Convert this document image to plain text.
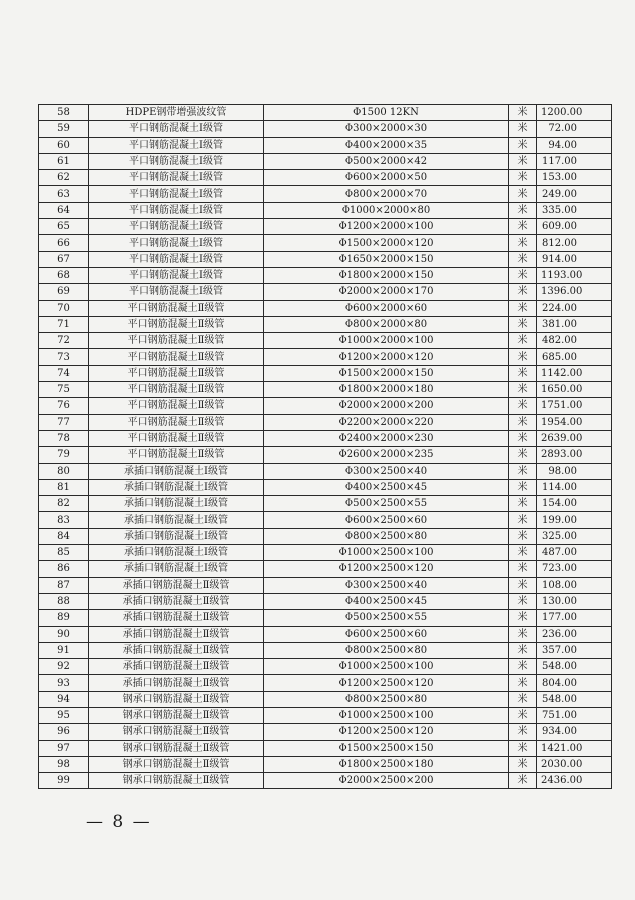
58	HDPE钢带增强波纹管	Φ1500 12KN	米	1200.00
59	平口钢筋混凝土Ⅰ级管	Φ300×2000×30	米	72.00
60	平口钢筋混凝土Ⅰ级管	Φ400×2000×35	米	94.00
61	平口钢筋混凝土Ⅰ级管	Φ500×2000×42	米	117.00
62	平口钢筋混凝土Ⅰ级管	Φ600×2000×50	米	153.00
63	平口钢筋混凝土Ⅰ级管	Φ800×2000×70	米	249.00
64	平口钢筋混凝土Ⅰ级管	Φ1000×2000×80	米	335.00
65	平口钢筋混凝土Ⅰ级管	Φ1200×2000×100	米	609.00
66	平口钢筋混凝土Ⅰ级管	Φ1500×2000×120	米	812.00
67	平口钢筋混凝土Ⅰ级管	Φ1650×2000×150	米	914.00
68	平口钢筋混凝土Ⅰ级管	Φ1800×2000×150	米	1193.00
69	平口钢筋混凝土Ⅰ级管	Φ2000×2000×170	米	1396.00
70	平口钢筋混凝土Ⅱ级管	Φ600×2000×60	米	224.00
71	平口钢筋混凝土Ⅱ级管	Φ800×2000×80	米	381.00
72	平口钢筋混凝土Ⅱ级管	Φ1000×2000×100	米	482.00
73	平口钢筋混凝土Ⅱ级管	Φ1200×2000×120	米	685.00
74	平口钢筋混凝土Ⅱ级管	Φ1500×2000×150	米	1142.00
75	平口钢筋混凝土Ⅱ级管	Φ1800×2000×180	米	1650.00
76	平口钢筋混凝土Ⅱ级管	Φ2000×2000×200	米	1751.00
77	平口钢筋混凝土Ⅱ级管	Φ2200×2000×220	米	1954.00
78	平口钢筋混凝土Ⅱ级管	Φ2400×2000×230	米	2639.00
79	平口钢筋混凝土Ⅱ级管	Φ2600×2000×235	米	2893.00
80	承插口钢筋混凝土Ⅰ级管	Φ300×2500×40	米	98.00
81	承插口钢筋混凝土Ⅰ级管	Φ400×2500×45	米	114.00
82	承插口钢筋混凝土Ⅰ级管	Φ500×2500×55	米	154.00
83	承插口钢筋混凝土Ⅰ级管	Φ600×2500×60	米	199.00
84	承插口钢筋混凝土Ⅰ级管	Φ800×2500×80	米	325.00
85	承插口钢筋混凝土Ⅰ级管	Φ1000×2500×100	米	487.00
86	承插口钢筋混凝土Ⅰ级管	Φ1200×2500×120	米	723.00
87	承插口钢筋混凝土Ⅱ级管	Φ300×2500×40	米	108.00
88	承插口钢筋混凝土Ⅱ级管	Φ400×2500×45	米	130.00
89	承插口钢筋混凝土Ⅱ级管	Φ500×2500×55	米	177.00
90	承插口钢筋混凝土Ⅱ级管	Φ600×2500×60	米	236.00
91	承插口钢筋混凝土Ⅱ级管	Φ800×2500×80	米	357.00
92	承插口钢筋混凝土Ⅱ级管	Φ1000×2500×100	米	548.00
93	承插口钢筋混凝土Ⅱ级管	Φ1200×2500×120	米	804.00
94	钢承口钢筋混凝土Ⅱ级管	Φ800×2500×80	米	548.00
95	钢承口钢筋混凝土Ⅱ级管	Φ1000×2500×100	米	751.00
96	钢承口钢筋混凝土Ⅱ级管	Φ1200×2500×120	米	934.00
97	钢承口钢筋混凝土Ⅱ级管	Φ1500×2500×150	米	1421.00
98	钢承口钢筋混凝土Ⅱ级管	Φ1800×2500×180	米	2030.00
99	钢承口钢筋混凝土Ⅱ级管	Φ2000×2500×200	米	2436.00
— 8 —
